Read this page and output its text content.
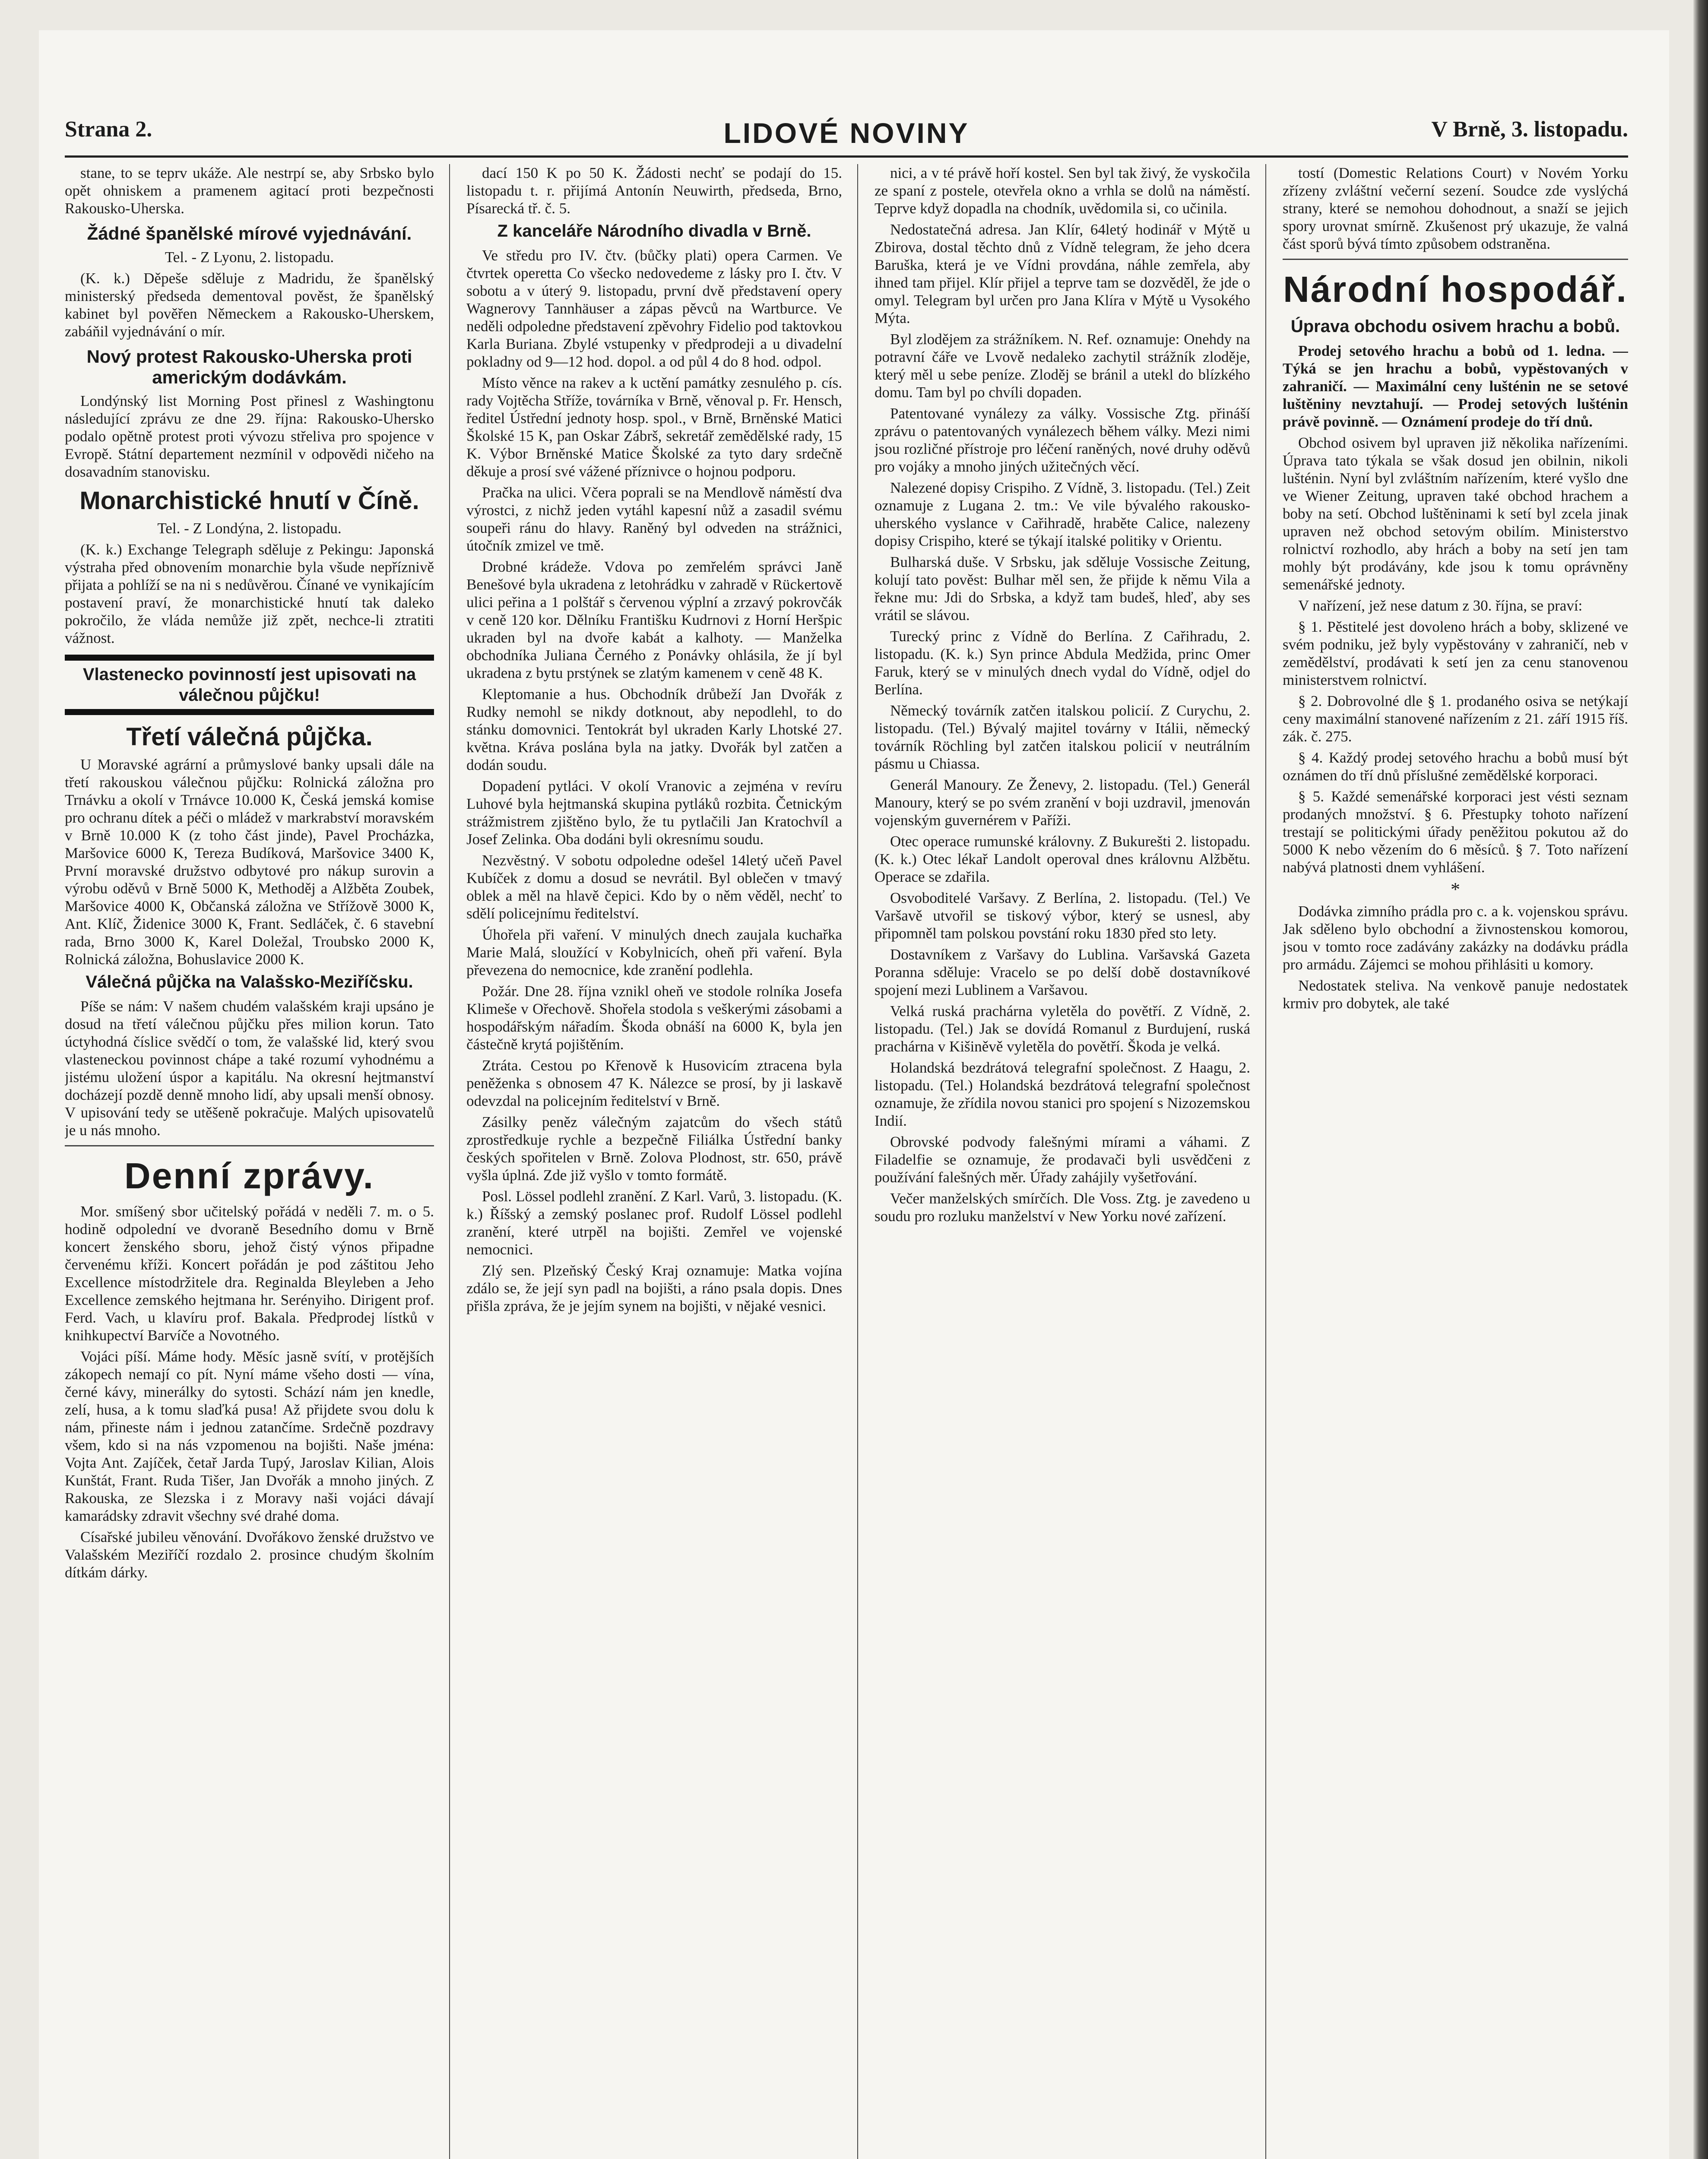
Strana 2.	LIDOVÉ NOVINY	V Brně, 3. listopadu.

stane, to se teprv ukáže. Ale nestrpí se, aby Srbsko bylo opět ohniskem a pramenem agitací proti bezpečnosti Rakousko-Uherska.

Žádné španělské mírové vyjednávání.
Tel. - Z Lyonu, 2. listopadu.

(K. k.) Děpeše sděluje z Madridu, že španělský ministerský předseda dementoval pověst, že španělský kabinet byl pověřen Německem a Rakousko-Uherskem, zabáňil vyjednávání o mír.

Nový protest Rakousko-Uherska proti americkým dodávkám.

Londýnský list Morning Post přinesl z Washingtonu následující zprávu ze dne 29. října: Rakousko-Uhersko podalo opětně protest proti vývozu střeliva pro spojence v Evropě. Státní departement nezmínil v odpovědi ničeho na dosavadním stanovisku.

Monarchistické hnutí v Číně.
Tel. - Z Londýna, 2. listopadu.

(K. k.) Exchange Telegraph sděluje z Pekingu: Japonská výstraha před obnovením monarchie byla všude nepříznivě přijata a pohlíží se na ni s nedůvěrou. Čínané ve vynikajícím postavení praví, že monarchistické hnutí tak daleko pokročilo, že vláda nemůže již zpět, nechce-li ztratiti vážnost.

Vlastenecko povinností jest upisovati na válečnou půjčku!
Třetí válečná půjčka.

U Moravské agrární a průmyslové banky upsali dále na třetí rakouskou válečnou půjčku: Rolnická záložna pro Trnávku a okolí v Trnávce 10.000 K, Česká jemská komise pro ochranu dítek a péči o mládež v markrabství moravském v Brně 10.000 K (z toho část jinde), Pavel Procházka, Maršovice 6000 K, Tereza Budíková, Maršovice 3400 K, První moravské družstvo odbytové pro nákup surovin a výrobu oděvů v Brně 5000 K, Methoděj a Alžběta Zoubek, Maršovice 4000 K, Občanská záložna ve Střížově 3000 K, Ant. Klíč, Židenice 3000 K, Frant. Sedláček, č. 6 stavební rada, Brno 3000 K, Karel Doležal, Troubsko 2000 K, Rolnická záložna, Bohuslavice 2000 K.

Válečná půjčka na Valašsko-Meziříčsku.

Píše se nám: V našem chudém valašském kraji upsáno je dosud na třetí válečnou půjčku přes milion korun. Tato úctyhodná číslice svědčí o tom, že valašské lid, který svou vlasteneckou povinnost chápe a také rozumí vyhodnému a jistému uložení úspor a kapitálu. Na okresní hejtmanství docházejí pozdě denně mnoho lidí, aby upsali menší obnosy. V upisování tedy se utěšeně pokračuje. Malých upisovatelů je u nás mnoho.

Denní zprávy.

Mor. smíšený sbor učitelský pořádá v neděli 7. m. o 5. hodině odpolední ve dvoraně Besedního domu v Brně koncert ženského sboru, jehož čistý výnos připadne červenému kříži. Koncert pořádán je pod záštitou Jeho Excellence místodržitele dra. Reginalda Bleyleben a Jeho Excellence zemského hejtmana hr. Serényiho. Dirigent prof. Ferd. Vach, u klavíru prof. Bakala. Předprodej lístků v knihkupectví Barvíče a Novotného.

Vojáci píší. Máme hody. Měsíc jasně svítí, v protějších zákopech nemají co pít. Nyní máme všeho dosti — vína, černé kávy, minerálky do sytosti. Schází nám jen knedle, zelí, husa, a k tomu slaďká pusa! Až přijdete svou dolu k nám, přineste nám i jednou zatančíme. Srdečně pozdravy všem, kdo si na nás vzpomenou na bojišti. Naše jména: Vojta Ant. Zajíček, četař Jarda Tupý, Jaroslav Kilian, Alois Kunštát, Frant. Ruda Tišer, Jan Dvořák a mnoho jiných. Z Rakouska, ze Slezska i z Moravy naši vojáci dávají kamarádsky zdravit všechny své drahé doma.

Císařské jubileu věnování. Dvořákovo ženské družstvo ve Valašském Meziříčí rozdalo 2. prosince chudým školním dítkám dárky.

dací 150 K po 50 K. Žádosti nechť se podají do 15. listopadu t. r. přijímá Antonín Neuwirth, předseda, Brno, Písarecká tř. č. 5.

Z kanceláře Národního divadla v Brně.

Ve středu pro IV. čtv. (bůčky plati) opera Carmen. Ve čtvrtek operetta Co všecko nedovedeme z lásky pro I. čtv. V sobotu a v úterý 9. listopadu, první dvě představení opery Wagnerovy Tannhäuser a zápas pěvců na Wartburce. Ve neděli odpoledne představení zpěvohry Fidelio pod taktovkou Karla Buriana. Zbylé vstupenky v předprodeji a u divadelní pokladny od 9—12 hod. dopol. a od půl 4 do 8 hod. odpol.

Místo věnce na rakev a k uctění památky zesnulého p. cís. rady Vojtěcha Stříže, továrníka v Brně, věnoval p. Fr. Hensch, ředitel Ústřední jednoty hosp. spol., v Brně, Brněnské Matici Školské 15 K, pan Oskar Zábrš, sekretář zemědělské rady, 15 K. Výbor Brněnské Matice Školské za tyto dary srdečně děkuje a prosí své vážené příznivce o hojnou podporu.

Pračka na ulici. Včera poprali se na Mendlově náměstí dva výrostci, z nichž jeden vytáhl kapesní nůž a zasadil svému soupeři ránu do hlavy. Raněný byl odveden na strážnici, útočník zmizel ve tmě.

Drobné krádeže. Vdova po zemřelém správci Janě Benešové byla ukradena z letohrádku v zahradě v Rückertově ulici peřina a 1 polštář s červenou výplní a zrzavý pokrovčák v ceně 120 kor. Dělníku Františku Kudrnovi z Horní Heršpic ukraden byl na dvoře kabát a kalhoty. — Manželka obchodníka Juliana Černého z Ponávky ohlásila, že jí byl ukradena z bytu prstýnek se zlatým kamenem v ceně 48 K.

Kleptomanie a hus. Obchodník drůbeží Jan Dvořák z Rudky nemohl se nikdy dotknout, aby nepodlehl, to do stánku domovnici. Tentokrát byl ukraden Karly Lhotské 27. května. Kráva poslána byla na jatky. Dvořák byl zatčen a dodán soudu.

Dopadení pytláci. V okolí Vranovic a zejména v revíru Luhové byla hejtmanská skupina pytláků rozbita. Četnickým strážmistrem zjištěno bylo, že tu pytlačili Jan Kratochvíl a Josef Zelinka. Oba dodáni byli okresnímu soudu.

Nezvěstný. V sobotu odpoledne odešel 14letý učeň Pavel Kubíček z domu a dosud se nevrátil. Byl oblečen v tmavý oblek a měl na hlavě čepici. Kdo by o něm věděl, nechť to sdělí policejnímu ředitelství.

Úhořela při vaření. V minulých dnech zaujala kuchařka Marie Malá, sloužící v Kobylnicích, oheň při vaření. Byla převezena do nemocnice, kde zranění podlehla.

Požár. Dne 28. října vznikl oheň ve stodole rolníka Josefa Klimeše v Ořechově. Shořela stodola s veškerými zásobami a hospodářským nářadím. Škoda obnáší na 6000 K, byla jen částečně krytá pojištěním.

Ztráta. Cestou po Křenově k Husovicím ztracena byla peněženka s obnosem 47 K. Nálezce se prosí, by ji laskavě odevzdal na policejním ředitelství v Brně.

Zásilky peněz válečným zajatcům do všech států zprostředkuje rychle a bezpečně Filiálka Ústřední banky českých spořitelen v Brně. Zolova Plodnost, str. 650, právě vyšla úplná. Zde již vyšlo v tomto formátě.

Posl. Lössel podlehl zranění. Z Karl. Varů, 3. listopadu. (K. k.) Říšský a zemský poslanec prof. Rudolf Lössel podlehl zranění, které utrpěl na bojišti. Zemřel ve vojenské nemocnici.

Zlý sen. Plzeňský Český Kraj oznamuje: Matka vojína zdálo se, že její syn padl na bojišti, a ráno psala dopis. Dnes přišla zpráva, že je jejím synem na bojišti, v nějaké vesnici.

nici, a v té právě hoří kostel. Sen byl tak živý, že vyskočila ze spaní z postele, otevřela okno a vrhla se dolů na náměstí. Teprve když dopadla na chodník, uvědomila si, co učinila.

Nedostatečná adresa. Jan Klír, 64letý hodinář v Mýtě u Zbirova, dostal těchto dnů z Vídně telegram, že jeho dcera Baruška, která je ve Vídni provdána, náhle zemřela, aby ihned tam přijel. Klír přijel a teprve tam se dozvěděl, že jde o omyl. Telegram byl určen pro Jana Klíra v Mýtě u Vysokého Mýta.

Byl zlodějem za strážníkem. N. Ref. oznamuje: Onehdy na potravní čáře ve Lvově nedaleko zachytil strážník zloděje, který měl u sebe peníze. Zloděj se bránil a utekl do blízkého domu. Tam byl po chvíli dopaden.

Patentované vynálezy za války. Vossische Ztg. přináší zprávu o patentovaných vynálezech během války. Mezi nimi jsou rozličné přístroje pro léčení raněných, nové druhy oděvů pro vojáky a mnoho jiných užitečných věcí.

Nalezené dopisy Crispiho. Z Vídně, 3. listopadu. (Tel.) Zeit oznamuje z Lugana 2. tm.: Ve vile bývalého rakousko-uherského vyslance v Cařihradě, hraběte Calice, nalezeny dopisy Crispiho, které se týkají italské politiky v Orientu.

Bulharská duše. V Srbsku, jak sděluje Vossische Zeitung, kolují tato pověst: Bulhar měl sen, že přijde k němu Vila a řekne mu: Jdi do Srbska, a když tam budeš, hleď, aby ses vrátil se slávou.

Turecký princ z Vídně do Berlína. Z Cařihradu, 2. listopadu. (K. k.) Syn prince Abdula Medžida, princ Omer Faruk, který se v minulých dnech vydal do Vídně, odjel do Berlína.

Německý továrník zatčen italskou policií. Z Curychu, 2. listopadu. (Tel.) Bývalý majitel továrny v Itálii, německý továrník Röchling byl zatčen italskou policií v neutrálním pásmu u Chiassa.

Generál Manoury. Ze Ženevy, 2. listopadu. (Tel.) Generál Manoury, který se po svém zranění v boji uzdravil, jmenován vojenským guvernérem v Paříži.

Otec operace rumunské královny. Z Bukurešti 2. listopadu. (K. k.) Otec lékař Landolt operoval dnes královnu Alžbětu. Operace se zdařila.

Osvoboditelé Varšavy. Z Berlína, 2. listopadu. (Tel.) Ve Varšavě utvořil se tiskový výbor, který se usnesl, aby připomněl tam polskou povstání roku 1830 před sto lety.

Dostavníkem z Varšavy do Lublina. Varšavská Gazeta Poranna sděluje: Vracelo se po delší době dostavníkové spojení mezi Lublinem a Varšavou.

Velká ruská prachárna vyletěla do povětří. Z Vídně, 2. listopadu. (Tel.) Jak se dovídá Romanul z Burdujení, ruská prachárna v Kišiněvě vyletěla do povětří. Škoda je velká.

Holandská bezdrátová telegrafní společnost. Z Haagu, 2. listopadu. (Tel.) Holandská bezdrátová telegrafní společnost oznamuje, že zřídila novou stanici pro spojení s Nizozemskou Indií.

Obrovské podvody falešnými mírami a váhami. Z Filadelfie se oznamuje, že prodavači byli usvědčeni z používání falešných měr. Úřady zahájily vyšetřování.

Večer manželských smírčích. Dle Voss. Ztg. je zavedeno u soudu pro rozluku manželství v New Yorku nové zařízení.

tostí (Domestic Relations Court) v Novém Yorku zřízeny zvláštní večerní sezení. Soudce zde vyslýchá strany, které se nemohou dohodnout, a snaží se jejich spory urovnat smírně. Zkušenost prý ukazuje, že valná část sporů bývá tímto způsobem odstraněna.

Národní hospodář.
Úprava obchodu osivem hrachu a bobů.

Prodej setového hrachu a bobů od 1. ledna. — Týká se jen hrachu a bobů, vypěstovaných v zahraničí. — Maximální ceny lušténin ne se setové luštěniny nevztahují. — Prodej setových lušténin právě povinně. — Oznámení prodeje do tří dnů.

Obchod osivem byl upraven již několika nařízeními. Úprava tato týkala se však dosud jen obilnin, nikoli lušténin. Nyní byl zvláštním nařízením, které vyšlo dne ve Wiener Zeitung, upraven také obchod hrachem a boby na setí. Obchod luštěninami k setí byl zcela jinak upraven než obchod setovým obilím. Ministerstvo rolnictví rozhodlo, aby hrách a boby na setí jen tam mohly být prodávány, kde jsou k tomu oprávněny semenářské jednoty.

V nařízení, jež nese datum z 30. října, se praví:

§ 1. Pěstitelé jest dovoleno hrách a boby, sklizené ve svém podniku, jež byly vypěstovány v zahraničí, neb v zemědělství, prodávati k setí jen za cenu stanovenou ministerstvem rolnictví.

§ 2. Dobrovolné dle § 1. prodaného osiva se netýkají ceny maximální stanovené nařízením z 21. září 1915 říš. zák. č. 275.

§ 4. Každý prodej setového hrachu a bobů musí být oznámen do tří dnů příslušné zemědělské korporaci.

§ 5. Každé semenářské korporaci jest vésti seznam prodaných množství. § 6. Přestupky tohoto nařízení trestají se politickými úřady peněžitou pokutou až do 5000 K nebo vězením do 6 měsíců. § 7. Toto nařízení nabývá platnosti dnem vyhlášení.

*

Dodávka zimního prádla pro c. a k. vojenskou správu. Jak sděleno bylo obchodní a živnostenskou komorou, jsou v tomto roce zadávány zakázky na dodávku prádla pro armádu. Zájemci se mohou přihlásiti u komory.

Nedostatek steliva. Na venkově panuje nedostatek krmiv pro dobytek, ale také
